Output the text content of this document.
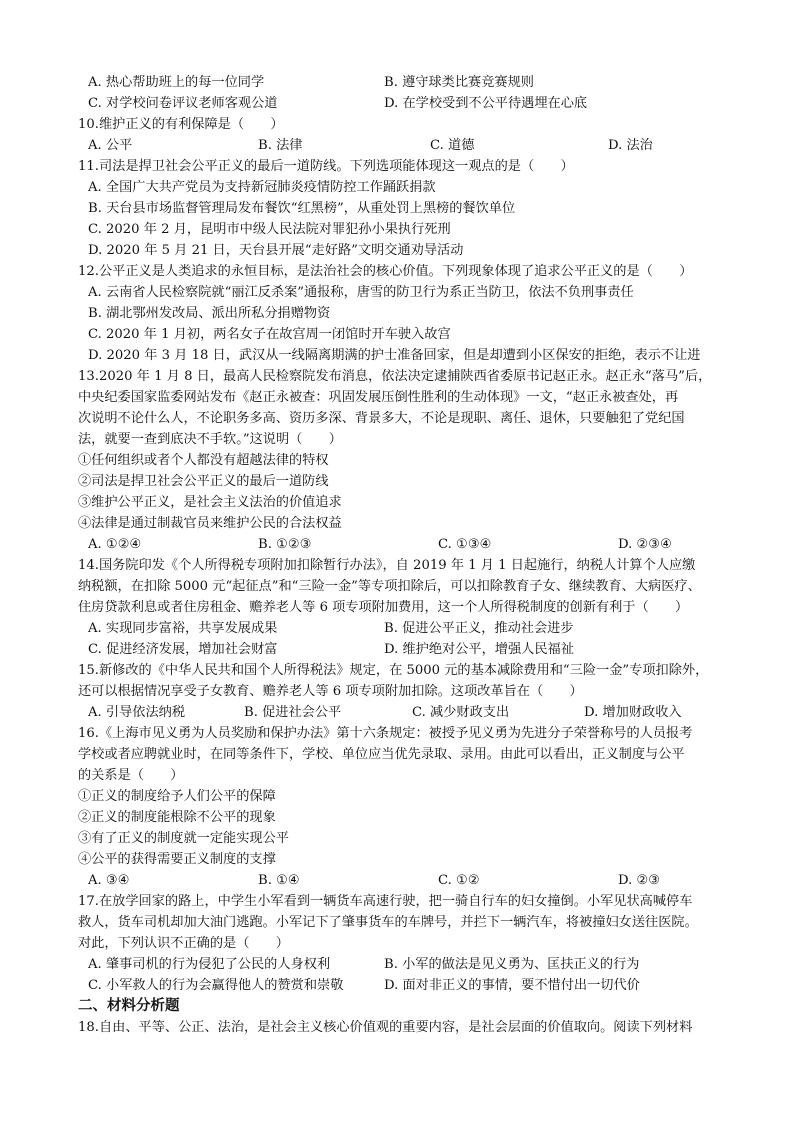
A. 热心帮助班上的每一位同学	B. 遵守球类比赛竞赛规则
C. 对学校问卷评议老师客观公道	D. 在学校受到不公平待遇埋在心底
10.维护正义的有利保障是（　　）
A. 公平	B. 法律	C. 道德	D. 法治
11.司法是捍卫社会公平正义的最后一道防线。下列选项能体现这一观点的是（　　）
A. 全国广大共产党员为支持新冠肺炎疫情防控工作踊跃捐款
B. 天台县市场监督管理局发布餐饮“红黑榜”，从重处罚上黑榜的餐饮单位
C. 2020 年 2 月，昆明市中级人民法院对罪犯孙小果执行死刑
D. 2020 年 5 月 21 日，天台县开展“走好路”文明交通劝导活动
12.公平正义是人类追求的永恒目标，是法治社会的核心价值。下列现象体现了追求公平正义的是（　　）
A. 云南省人民检察院就“丽江反杀案”通报称，唐雪的防卫行为系正当防卫，依法不负刑事责任
B. 湖北鄂州发改局、派出所私分捐赠物资
C. 2020 年 1 月初，两名女子在故宫周一闭馆时开车驶入故宫
D. 2020 年 3 月 18 日，武汉从一线隔离期满的护士准备回家，但是却遭到小区保安的拒绝，表示不让进
13.2020 年 1 月 8 日，最高人民检察院发布消息，依法决定逮捕陕西省委原书记赵正永。赵正永“落马”后，
中央纪委国家监委网站发布《赵正永被查：巩固发展压倒性胜利的生动体现》一文，“赵正永被查处，再
次说明不论什么人，不论职务多高、资历多深、背景多大，不论是现职、离任、退休，只要触犯了党纪国
法，就要一查到底决不手软。”这说明（　　）
①任何组织或者个人都没有超越法律的特权
②司法是捍卫社会公平正义的最后一道防线
③维护公平正义，是社会主义法治的价值追求
④法律是通过制裁官员来维护公民的合法权益
A. ①②④	B. ①②③	C. ①③④	D. ②③④
14.国务院印发《个人所得税专项附加扣除暂行办法》，自 2019 年 1 月 1 日起施行，纳税人计算个人应缴
纳税额，在扣除 5000 元“起征点”和“三险一金”等专项扣除后，可以扣除教育子女、继续教育、大病医疗、
住房贷款利息或者住房租金、赡养老人等 6 项专项附加费用，这一个人所得税制度的创新有利于（　　）
A. 实现同步富裕，共享发展成果	B. 促进公平正义，推动社会进步
C. 促进经济发展，增加社会财富	D. 维护绝对公平，增强人民福祉
15.新修改的《中华人民共和国个人所得税法》规定，在 5000 元的基本减除费用和“三险一金”专项扣除外，
还可以根据情况享受子女教育、赡养老人等 6 项专项附加扣除。这项改革旨在（　　）
A. 引导依法纳税	B. 促进社会公平	C. 减少财政支出	D. 增加财政收入
16.《上海市见义勇为人员奖励和保护办法》第十六条规定：被授予见义勇为先进分子荣誉称号的人员报考
学校或者应聘就业时，在同等条件下，学校、单位应当优先录取、录用。由此可以看出，正义制度与公平
的关系是（　　）
①正义的制度给予人们公平的保障
②正义的制度能根除不公平的现象
③有了正义的制度就一定能实现公平
④公平的获得需要正义制度的支撑
A. ③④	B. ①④	C. ①②	D. ②③
17.在放学回家的路上，中学生小军看到一辆货车高速行驶，把一骑自行车的妇女撞倒。小军见状高喊停车
救人，货车司机却加大油门逃跑。小军记下了肇事货车的车牌号，并拦下一辆汽车，将被撞妇女送往医院。
对此，下列认识不正确的是（　　）
A. 肇事司机的行为侵犯了公民的人身权利	B. 小军的做法是见义勇为、匡扶正义的行为
C. 小军救人的行为会赢得他人的赞赏和崇敬	D. 面对非正义的事情，要不惜付出一切代价
二、材料分析题
18.自由、平等、公正、法治，是社会主义核心价值观的重要内容，是社会层面的价值取向。阅读下列材料
